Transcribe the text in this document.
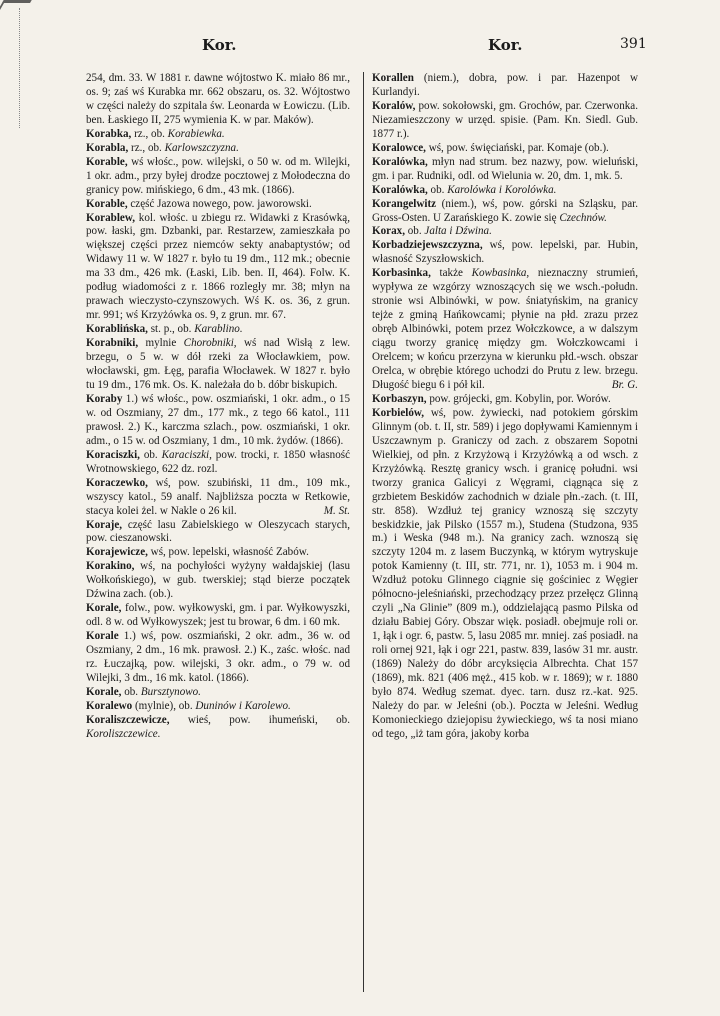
Kor.	Kor.	391

254, dm. 33. W 1881 r. dawne wójtostwo K. miało 86 mr., os. 9; zaś wś Kurabka mr. 662 obszaru, os. 32. Wójtostwo w części należy do szpitala św. Leonarda w Łowiczu. (Lib. ben. Łaskiego II, 275 wymienia K. w par. Maków).

Korabka, rz., ob. Korabiewka.

Korabla, rz., ob. Karlowszczyzna.

Korable, wś włośc., pow. wilejski, o 50 w. od m. Wilejki, 1 okr. adm., przy byłej drodze pocztowej z Mołodeczna do granicy pow. mińskiego, 6 dm., 43 mk. (1866).

Korable, część Jazowa nowego, pow. jaworowski.

Korablew, kol. włośc. u zbiegu rz. Widawki z Krasówką, pow. łaski, gm. Dzbanki, par. Restarzew, zamieszkała po większej części przez niemców sekty anabaptystów; od Widawy 11 w. W 1827 r. było tu 19 dm., 112 mk.; obecnie ma 33 dm., 426 mk. (Łaski, Lib. ben. II, 464). Folw. K. podług wiadomości z r. 1866 rozległy mr. 38; młyn na prawach wieczysto-czynszowych. Wś K. os. 36, z grun. mr. 991; wś Krzyżówka os. 9, z grun. mr. 67.

Korablińska, st. p., ob. Karablino.

Korabniki, mylnie Chorobniki, wś nad Wisłą z lew. brzegu, o 5 w. w dół rzeki za Włocławkiem, pow. włocławski, gm. Łęg, parafia Włocławek. W 1827 r. było tu 19 dm., 176 mk. Os. K. należała do b. dóbr biskupich.

Koraby 1.) wś włośc., pow. oszmiański, 1 okr. adm., o 15 w. od Oszmiany, 27 dm., 177 mk., z tego 66 katol., 111 prawosł. 2.) K., karczma szlach., pow. oszmiański, 1 okr. adm., o 15 w. od Oszmiany, 1 dm., 10 mk. żydów. (1866).

Koraciszki, ob. Karaciszki, pow. trocki, r. 1850 własność Wrotnowskiego, 622 dz. rozl.

Koraczewko, wś, pow. szubiński, 11 dm., 109 mk., wszyscy katol., 59 analf. Najbliższa poczta w Retkowie, stacya kolei żel. w Nakle o 26 kil.	M. St.

Koraje, część lasu Zabielskiego w Oleszycach starych, pow. cieszanowski.

Korajewicze, wś, pow. lepelski, własność Zabów.

Korakino, wś, na pochyłości wyżyny wałdajskiej (lasu Wołkońskiego), w gub. twerskiej; stąd bierze początek Dźwina zach. (ob.).

Korale, folw., pow. wyłkowyski, gm. i par. Wyłkowyszki, odl. 8 w. od Wyłkowyszek; jest tu browar, 6 dm. i 60 mk.

Korale 1.) wś, pow. oszmiański, 2 okr. adm., 36 w. od Oszmiany, 2 dm., 16 mk. prawosł. 2.) K., zaśc. włośc. nad rz. Łuczajką, pow. wilejski, 3 okr. adm., o 79 w. od Wilejki, 3 dm., 16 mk. katol. (1866).

Korale, ob. Bursztynowo.

Koralewo (mylnie), ob. Duninów i Karolewo.

Koraliszczewicze, wieś, pow. ihumeński, ob. Koroliszczewice.

Korallen (niem.), dobra, pow. i par. Hazenpot w Kurlandyi.

Koralów, pow. sokołowski, gm. Grochów, par. Czerwonka. Niezamieszczony w urzęd. spisie. (Pam. Kn. Siedl. Gub. 1877 r.).

Koralowce, wś, pow. święciański, par. Komaje (ob.).

Koralówka, młyn nad strum. bez nazwy, pow. wieluński, gm. i par. Rudniki, odl. od Wielunia w. 20, dm. 1, mk. 5.

Koralówka, ob. Karolówka i Korolówka.

Korangelwitz (niem.), wś, pow. górski na Szląsku, par. Gross-Osten. U Zarańskiego K. zowie się Czechnów.

Korax, ob. Jalta i Dźwina.

Korbadziejewszczyzna, wś, pow. lepelski, par. Hubin, własność Szyszłowskich.

Korbasinka, także Kowbasinka, nieznaczny strumień, wypływa ze wzgórzy wznoszących się we wsch.-połudn. stronie wsi Albinówki, w pow. śniatyńskim, na granicy tejże z gminą Hańkowcami; płynie na płd. zrazu przez obręb Albinówki, potem przez Wołczkowce, a w dalszym ciągu tworzy granicę między gm. Wołczkowcami i Orelcem; w końcu przerzyna w kierunku płd.-wsch. obszar Orelca, w obrębie którego uchodzi do Prutu z lew. brzegu. Długość biegu 6 i pół kil.	Br. G.

Korbaszyn, pow. grójecki, gm. Kobylin, por. Worów.

Korbielów, wś, pow. żywiecki, nad potokiem górskim Glinnym (ob. t. II, str. 589) i jego dopływami Kamiennym i Uszczawnym p. Graniczy od zach. z obszarem Sopotni Wielkiej, od płn. z Krzyżową i Krzyżówką a od wsch. z Krzyżówką. Resztę granicy wsch. i granicę południ. wsi tworzy granica Galicyi z Węgrami, ciągnąca się z grzbietem Beskidów zachodnich w dziale płn.-zach. (t. III, str. 858). Wzdłuż tej granicy wznoszą się szczyty beskidzkie, jak Pilsko (1557 m.), Studena (Studzona, 935 m.) i Weska (948 m.). Na granicy zach. wznoszą się szczyty 1204 m. z lasem Buczynką, w którym wytryskuje potok Kamienny (t. III, str. 771, nr. 1), 1053 m. i 904 m. Wzdłuż potoku Glinnego ciągnie się gościniec z Węgier północno-jeleśniański, przechodzący przez przełęcz Glinną czyli „Na Glinie” (809 m.), oddzielającą pasmo Pilska od działu Babiej Góry. Obszar więk. posiadł. obejmuje roli or. 1, łąk i ogr. 6, pastw. 5, lasu 2085 mr. mniej. zaś posiadł. na roli ornej 921, łąk i ogr 221, pastw. 839, lasów 31 mr. austr. (1869) Należy do dóbr arcyksięcia Albrechta. Chat 157 (1869), mk. 821 (406 męż., 415 kob. w r. 1869); w r. 1880 było 874. Według szemat. dyec. tarn. dusz rz.-kat. 925. Należy do par. w Jeleśni (ob.). Poczta w Jeleśni. Według Komonieckiego dziejopisu żywieckiego, wś ta nosi miano od tego, „iż tam góra, jakoby korba
